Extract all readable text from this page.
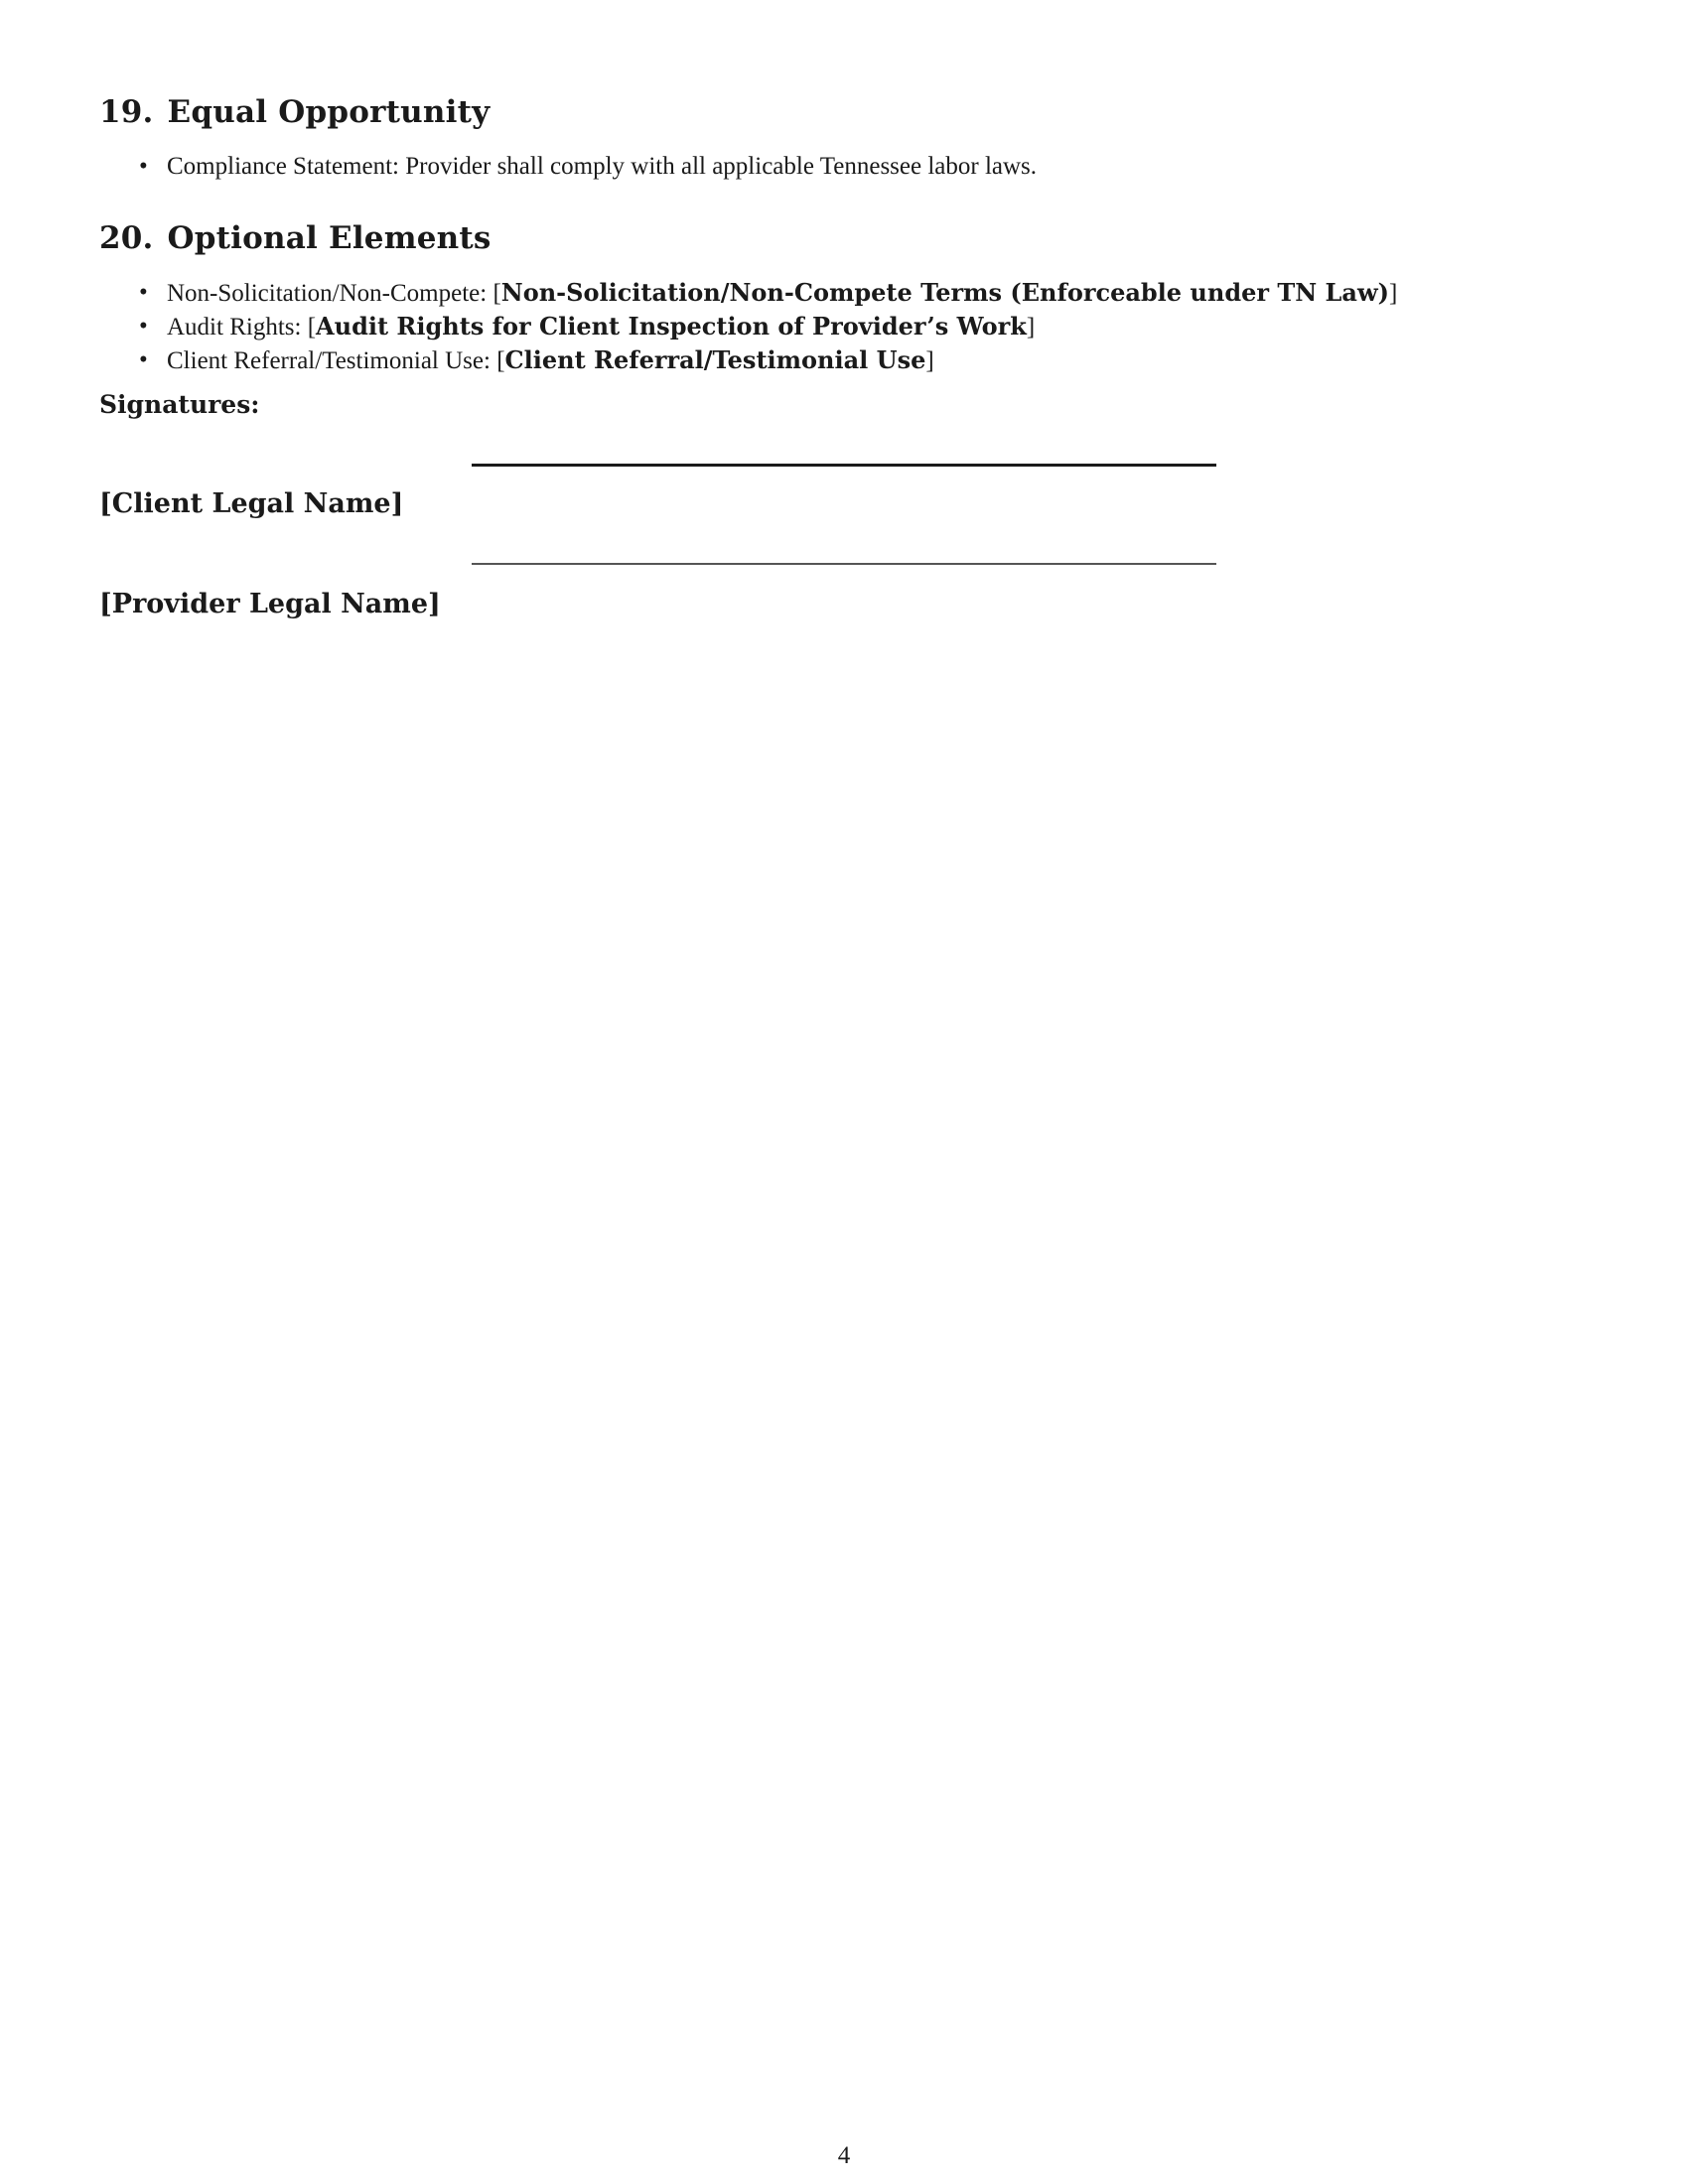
19. Equal Opportunity
• Compliance Statement: Provider shall comply with all applicable Tennessee labor laws.
20. Optional Elements
• Non-Solicitation/Non-Compete: [Non-Solicitation/Non-Compete Terms (Enforceable under TN Law)]
• Audit Rights: [Audit Rights for Client Inspection of Provider’s Work]
• Client Referral/Testimonial Use: [Client Referral/Testimonial Use]
Signatures:
[Client Legal Name]
[Provider Legal Name]
4
